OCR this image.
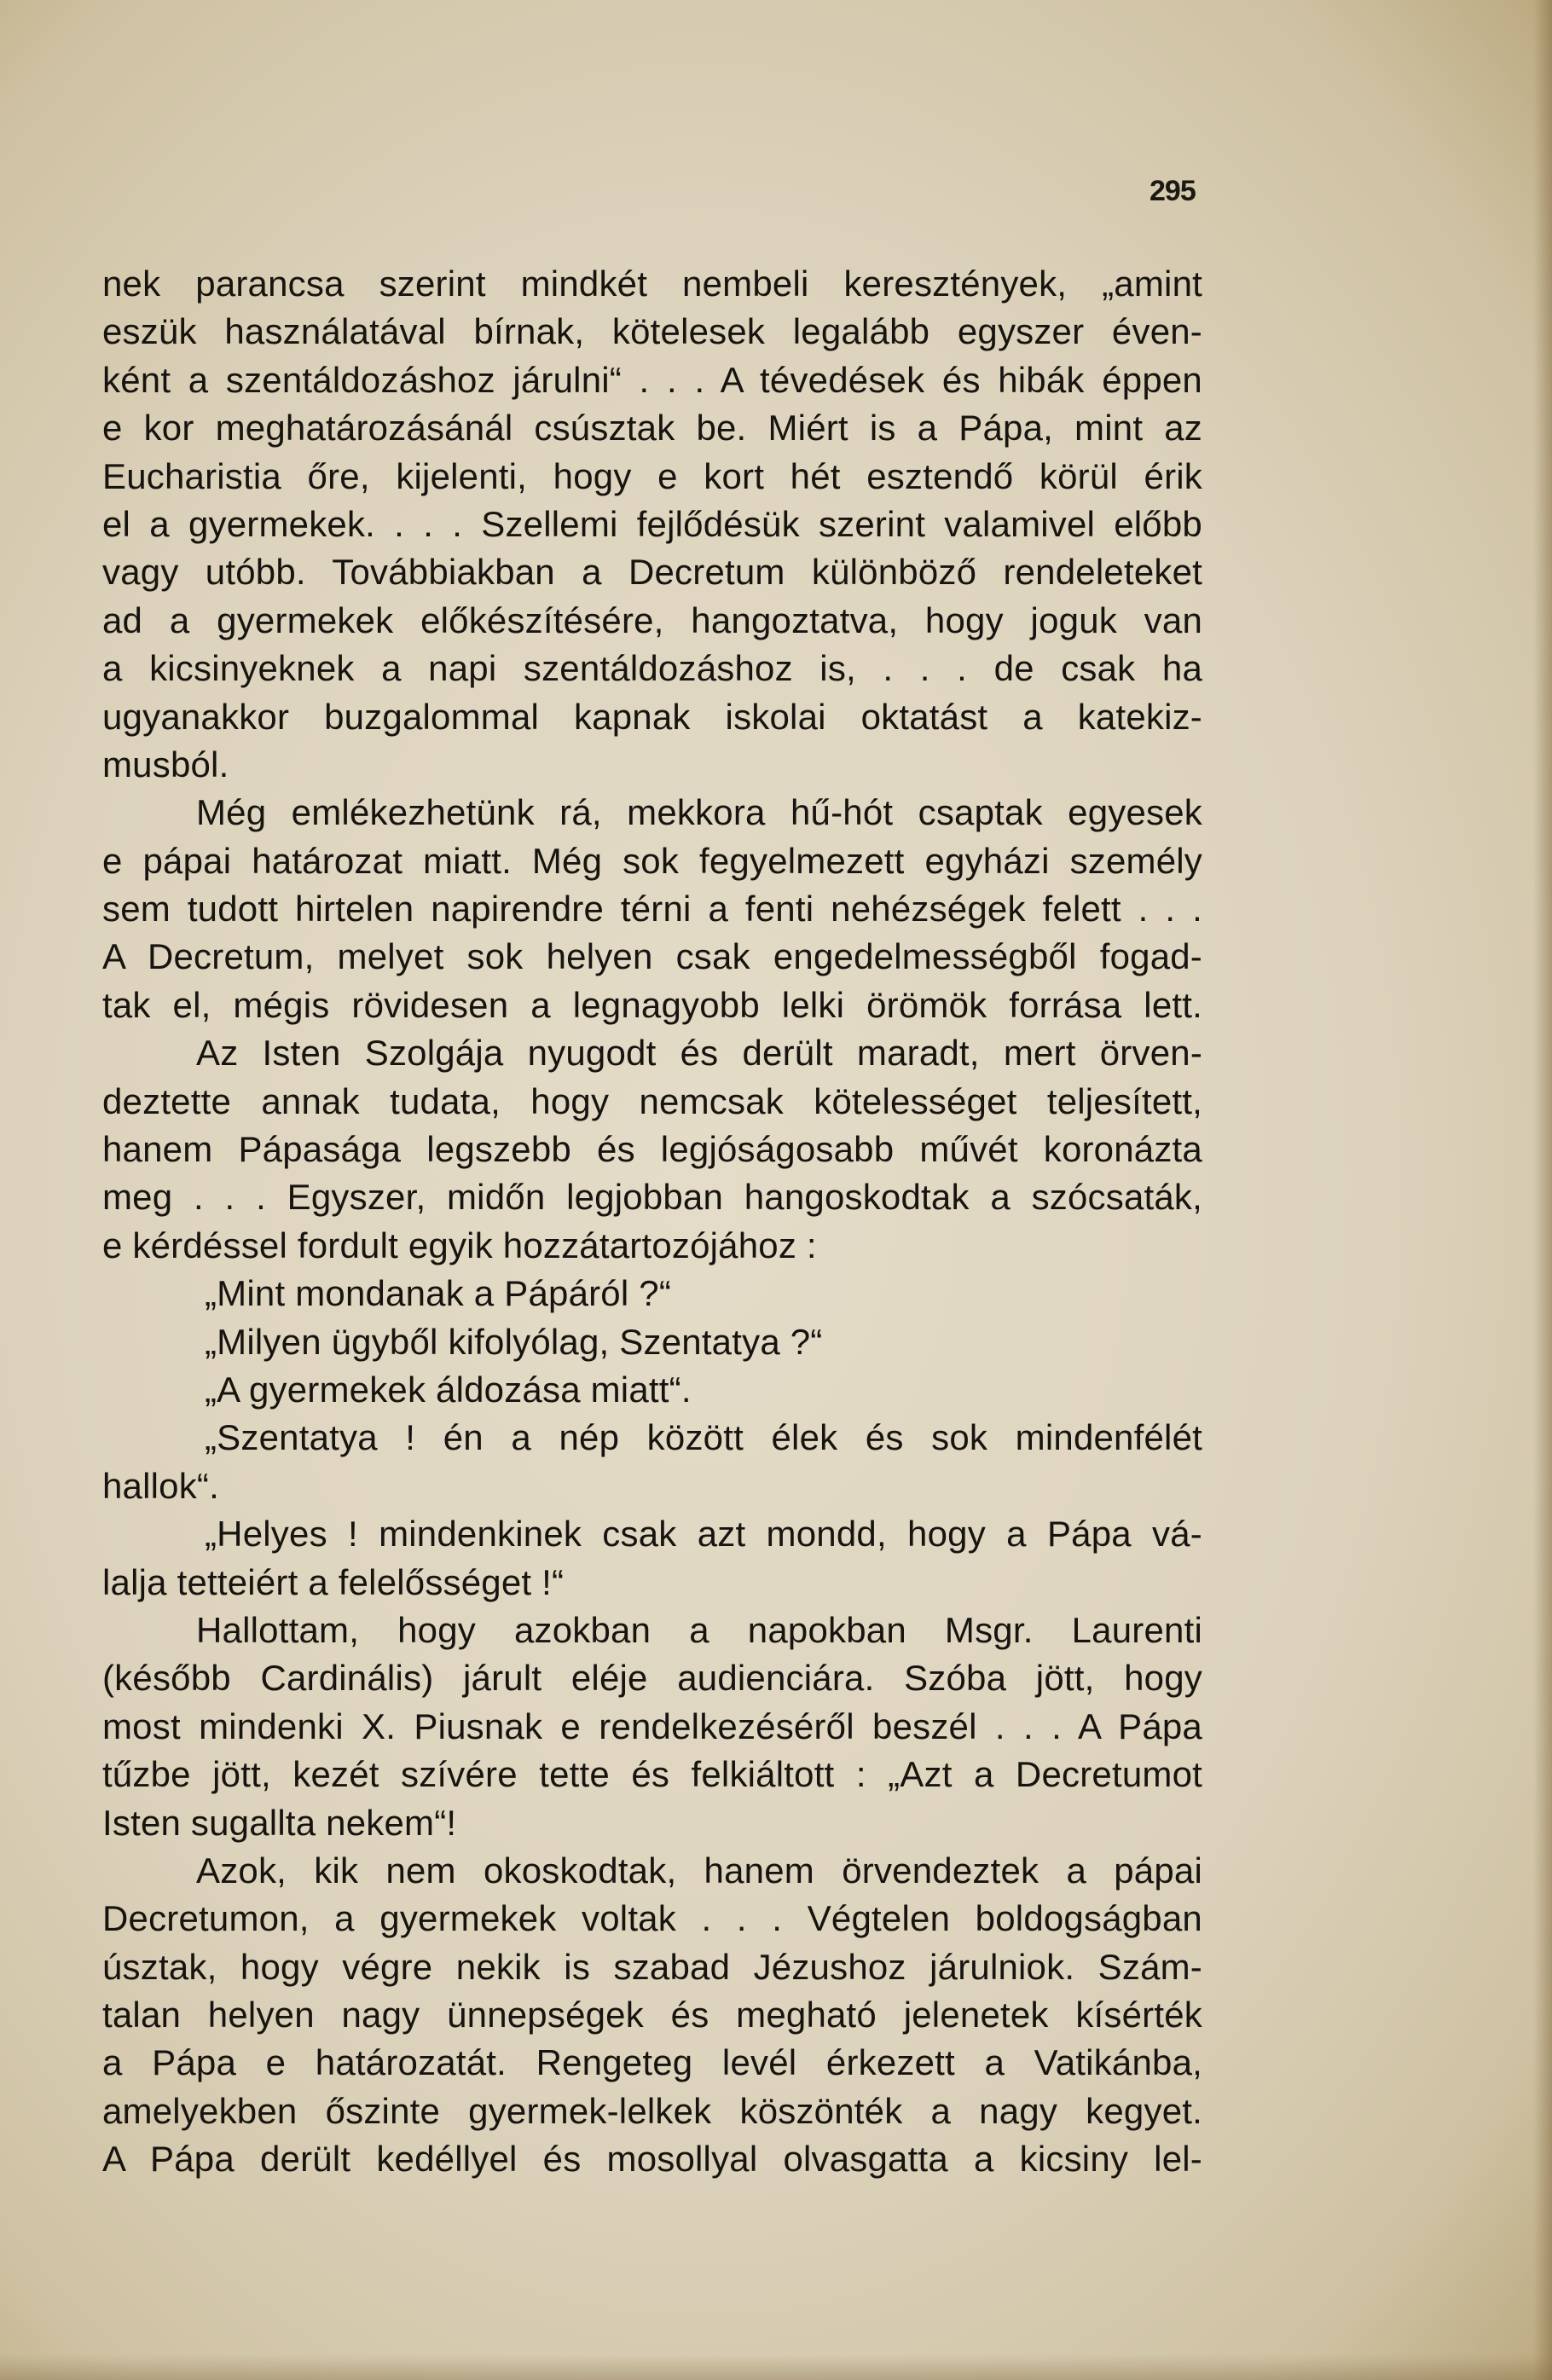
295
nek parancsa szerint mindkét nembeli keresztények, „amint
eszük használatával bírnak, kötelesek legalább egyszer éven-
ként a szentáldozáshoz járulni“ . . . A tévedések és hibák éppen
e kor meghatározásánál csúsztak be. Miért is a Pápa, mint az
Eucharistia őre, kijelenti, hogy e kort hét esztendő körül érik
el a gyermekek. . . . Szellemi fejlődésük szerint valamivel előbb
vagy utóbb. Továbbiakban a Decretum különböző rendeleteket
ad a gyermekek előkészítésére, hangoztatva, hogy joguk van
a kicsinyeknek a napi szentáldozáshoz is, . . . de csak ha
ugyanakkor buzgalommal kapnak iskolai oktatást a katekiz-
musból.
Még emlékezhetünk rá, mekkora hű-hót csaptak egyesek
e pápai határozat miatt. Még sok fegyelmezett egyházi személy
sem tudott hirtelen napirendre térni a fenti nehézségek felett . . .
A Decretum, melyet sok helyen csak engedelmességből fogad-
tak el, mégis rövidesen a legnagyobb lelki örömök forrása lett.
Az Isten Szolgája nyugodt és derült maradt, mert örven-
deztette annak tudata, hogy nemcsak kötelességet teljesített,
hanem Pápasága legszebb és legjóságosabb művét koronázta
meg . . . Egyszer, midőn legjobban hangoskodtak a szócsaták,
e kérdéssel fordult egyik hozzátartozójához :
„Mint mondanak a Pápáról ?“
„Milyen ügyből kifolyólag, Szentatya ?“
„A gyermekek áldozása miatt“.
„Szentatya ! én a nép között élek és sok mindenfélét
hallok“.
„Helyes ! mindenkinek csak azt mondd, hogy a Pápa vá-
lalja tetteiért a felelősséget !“
Hallottam, hogy azokban a napokban Msgr. Laurenti
(később Cardinális) járult eléje audienciára. Szóba jött, hogy
most mindenki X. Piusnak e rendelkezéséről beszél . . . A Pápa
tűzbe jött, kezét szívére tette és felkiáltott : „Azt a Decretumot
Isten sugallta nekem“!
Azok, kik nem okoskodtak, hanem örvendeztek a pápai
Decretumon, a gyermekek voltak . . . Végtelen boldogságban
úsztak, hogy végre nekik is szabad Jézushoz járulniok. Szám-
talan helyen nagy ünnepségek és megható jelenetek kísérték
a Pápa e határozatát. Rengeteg levél érkezett a Vatikánba,
amelyekben őszinte gyermek-lelkek köszönték a nagy kegyet.
A Pápa derült kedéllyel és mosollyal olvasgatta a kicsiny lel-
